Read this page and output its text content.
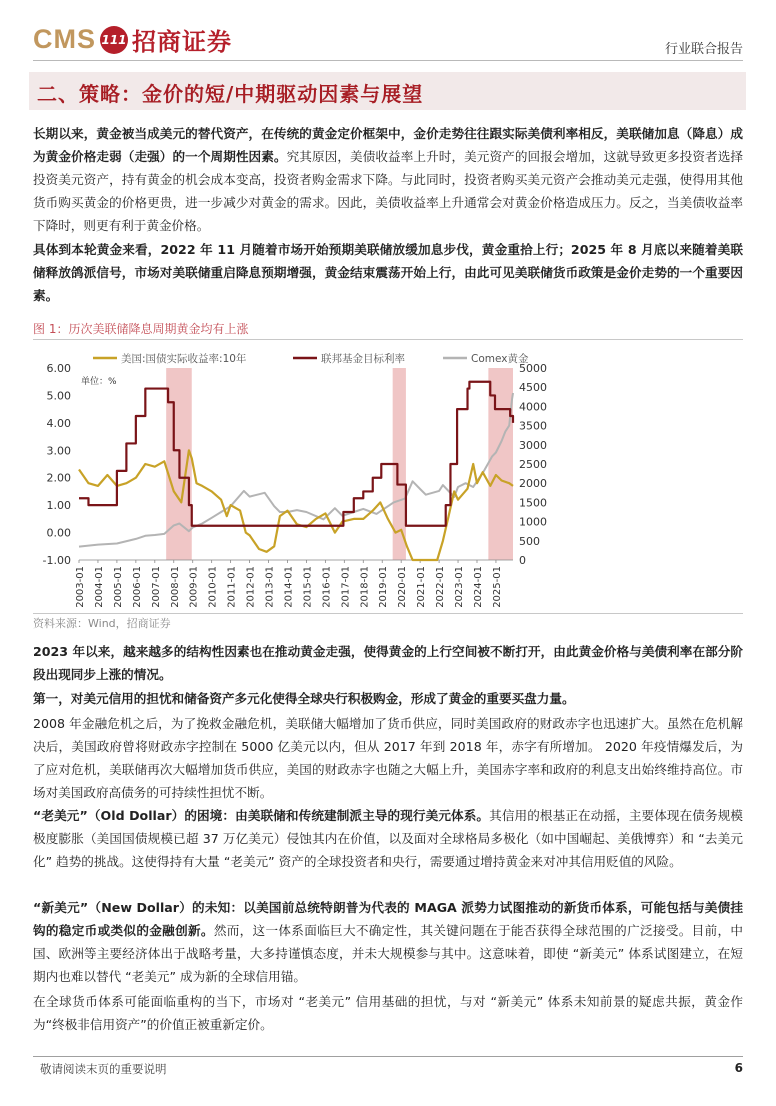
CMS 111 招商证券	行业联合报告
二、策略：金价的短/中期驱动因素与展望
长期以来，黄金被当成美元的替代资产，在传统的黄金定价框架中，金价走势往往跟实际美债利率相反，美联储加息（降息）成为黄金价格走弱（走强）的一个周期性因素。究其原因，美债收益率上升时，美元资产的回报会增加，这就导致更多投资者选择投资美元资产，持有黄金的机会成本变高，投资者购金需求下降。与此同时，投资者购买美元资产会推动美元走强，使得用其他货币购买黄金的价格更贵，进一步减少对黄金的需求。因此，美债收益率上升通常会对黄金价格造成压力。反之，当美债收益率下降时，则更有利于黄金价格。
具体到本轮黄金来看，2022 年 11 月随着市场开始预期美联储放缓加息步伐，黄金重拾上行；2025 年 8 月底以来随着美联储释放鸽派信号，市场对美联储重启降息预期增强，黄金结束震荡开始上行，由此可见美联储货币政策是金价走势的一个重要因素。
图 1：历次美联储降息周期黄金均有上涨
-1.00
0.00
1.00
2.00
3.00
4.00
5.00
6.00
0
500
1000
1500
2000
2500
3000
3500
4000
4500
5000
2003-01 2004-01 2005-01 2006-01 2007-01 2008-01 2009-01 2010-01 2011-01 2012-01 2013-01 2014-01 2015-01 2016-01 2017-01 2018-01 2019-01 2020-01 2021-01 2022-01 2023-01 2024-01 2025-01
美国:国债实际收益率:10年	联邦基金目标利率	Comex黄金
单位：%
资料来源：Wind，招商证券
2023 年以来，越来越多的结构性因素也在推动黄金走强，使得黄金的上行空间被不断打开，由此黄金价格与美债利率在部分阶段出现同步上涨的情况。
第一，对美元信用的担忧和储备资产多元化使得全球央行积极购金，形成了黄金的重要买盘力量。
2008 年金融危机之后，为了挽救金融危机，美联储大幅增加了货币供应，同时美国政府的财政赤字也迅速扩大。虽然在危机解决后，美国政府曾将财政赤字控制在 5000 亿美元以内，但从 2017 年到 2018 年，赤字有所增加。 2020 年疫情爆发后，为了应对危机，美联储再次大幅增加货币供应，美国的财政赤字也随之大幅上升，美国赤字率和政府的利息支出始终维持高位。市场对美国政府高债务的可持续性担忧不断。
“老美元”（Old Dollar）的困境：由美联储和传统建制派主导的现行美元体系。其信用的根基正在动摇，主要体现在债务规模极度膨胀（美国国债规模已超 37 万亿美元）侵蚀其内在价值，以及面对全球格局多极化（如中国崛起、美俄博弈）和 “去美元化” 趋势的挑战。这使得持有大量 “老美元” 资产的全球投资者和央行，需要通过增持黄金来对冲其信用贬值的风险。
“新美元”（New Dollar）的未知：以美国前总统特朗普为代表的 MAGA 派势力试图推动的新货币体系，可能包括与美债挂钩的稳定币或类似的金融创新。然而，这一体系面临巨大不确定性，其关键问题在于能否获得全球范围的广泛接受。目前，中国、欧洲等主要经济体出于战略考量，大多持谨慎态度，并未大规模参与其中。这意味着，即使 “新美元” 体系试图建立，在短期内也难以替代 “老美元” 成为新的全球信用锚。
在全球货币体系可能面临重构的当下，市场对 “老美元” 信用基础的担忧，与对 “新美元” 体系未知前景的疑虑共振，黄金作为“终极非信用资产”的价值正被重新定价。
敬请阅读末页的重要说明	6
